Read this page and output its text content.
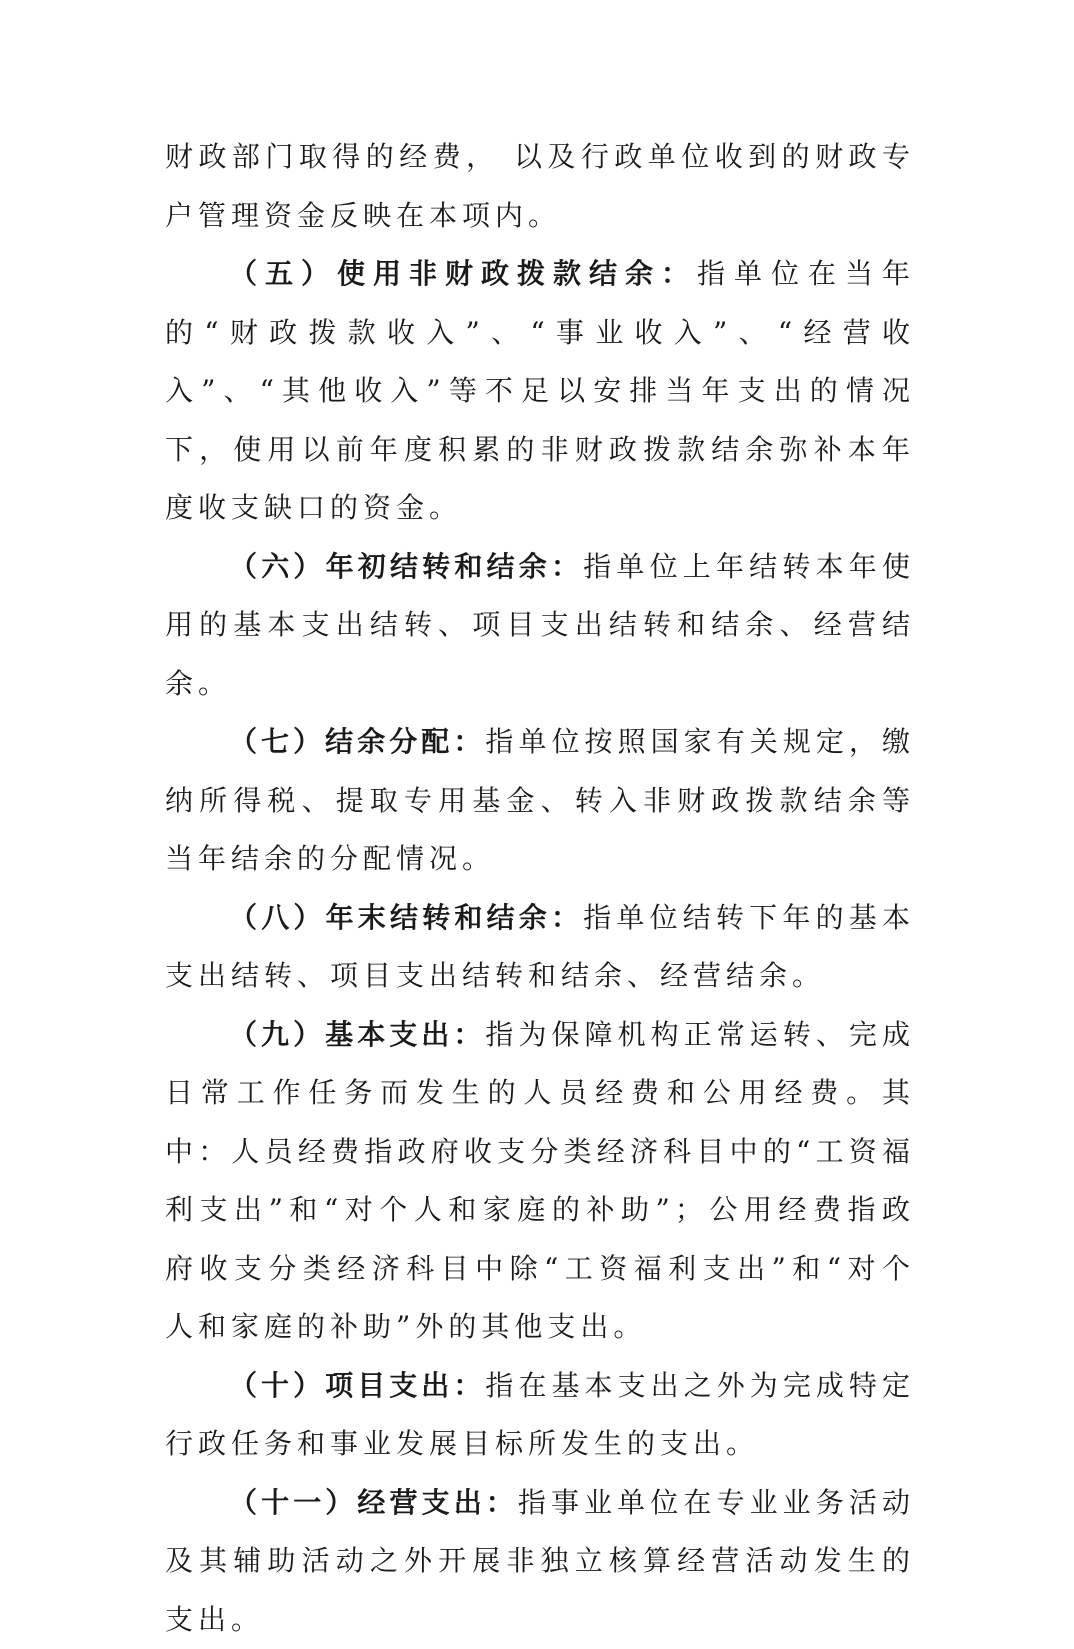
财政部门取得的经费， 以及行政单位收到的财政专户管理资金反映在本项内。

（五）使用非财政拨款结余：指单位在当年的“财政拨款收入”、“事业收入”、“经营收入”、“其他收入”等不足以安排当年支出的情况下，使用以前年度积累的非财政拨款结余弥补本年度收支缺口的资金。

（六）年初结转和结余：指单位上年结转本年使用的基本支出结转、项目支出结转和结余、经营结余。

（七）结余分配：指单位按照国家有关规定，缴纳所得税、提取专用基金、转入非财政拨款结余等当年结余的分配情况。

（八）年末结转和结余：指单位结转下年的基本支出结转、项目支出结转和结余、经营结余。

（九）基本支出：指为保障机构正常运转、完成日常工作任务而发生的人员经费和公用经费。其中：人员经费指政府收支分类经济科目中的“工资福利支出”和“对个人和家庭的补助”；公用经费指政府收支分类经济科目中除“工资福利支出”和“对个人和家庭的补助”外的其他支出。

（十）项目支出：指在基本支出之外为完成特定行政任务和事业发展目标所发生的支出。

（十一）经营支出：指事业单位在专业业务活动及其辅助活动之外开展非独立核算经营活动发生的支出。
